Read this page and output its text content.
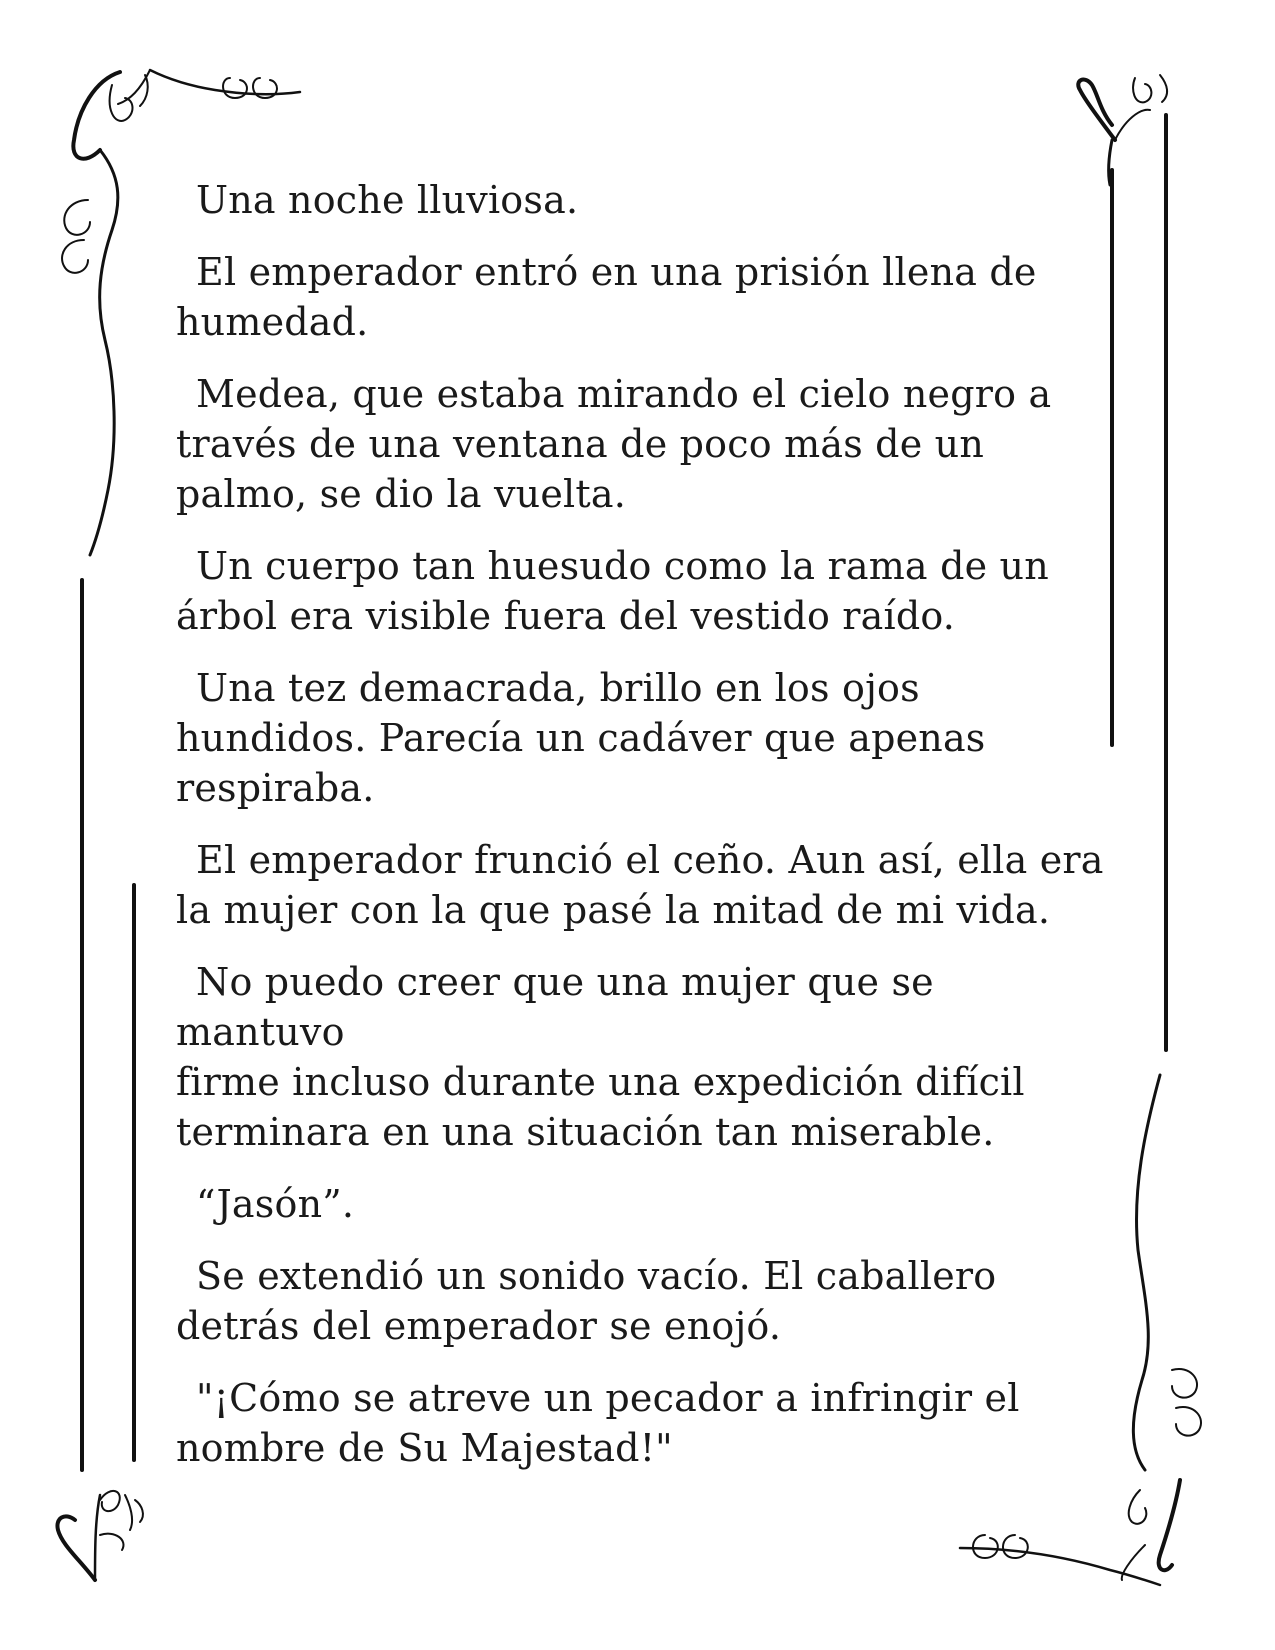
Una noche lluviosa.

El emperador entró en una prisión llena de
humedad.

Medea, que estaba mirando el cielo negro a
través de una ventana de poco más de un
palmo, se dio la vuelta.

Un cuerpo tan huesudo como la rama de un
árbol era visible fuera del vestido raído.

Una tez demacrada, brillo en los ojos
hundidos. Parecía un cadáver que apenas
respiraba.

El emperador frunció el ceño. Aun así, ella era
la mujer con la que pasé la mitad de mi vida.

No puedo creer que una mujer que se mantuvo
firme incluso durante una expedición difícil
terminara en una situación tan miserable.

“Jasón”.

Se extendió un sonido vacío. El caballero
detrás del emperador se enojó.

"¡Cómo se atreve un pecador a infringir el
nombre de Su Majestad!"
